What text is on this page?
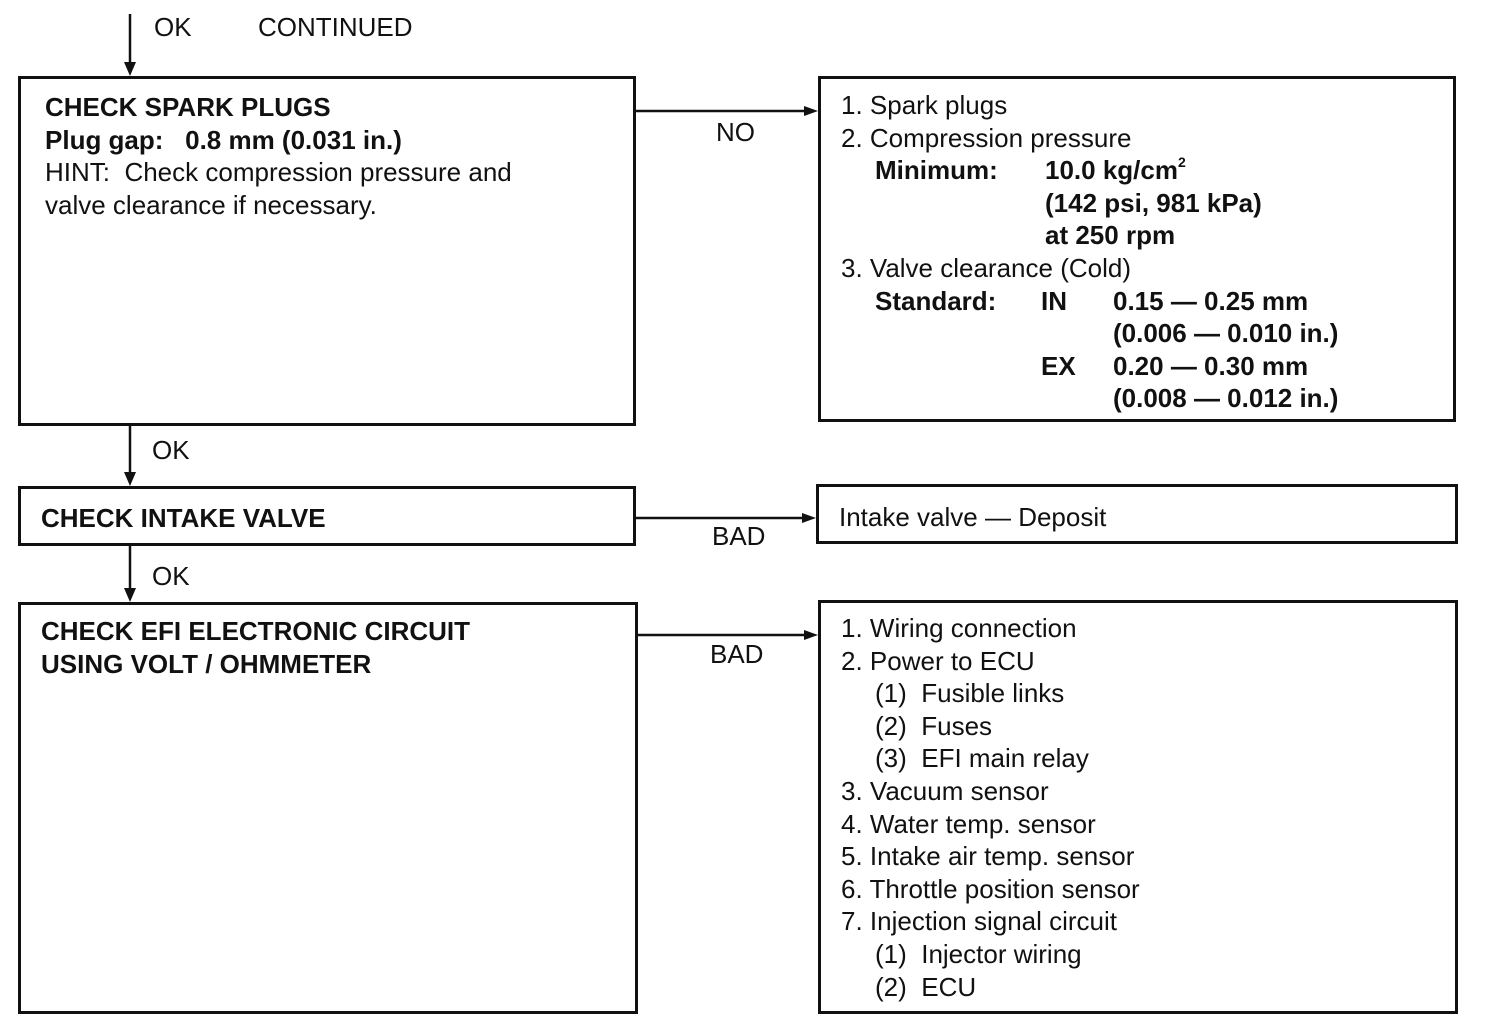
OK	CONTINUED
CHECK SPARK PLUGS
Plug gap: 0.8 mm (0.031 in.)
HINT:  Check compression pressure and
valve clearance if necessary.
NO
1. Spark plugs
2. Compression pressure
Minimum:	10.0 $kg/cm^2$
(142 psi, 981 kPa)
at 250 rpm
3. Valve clearance (Cold)
Standard:	IN	0.15 — 0.25 mm
(0.006 — 0.010 in.)
EX	0.20 — 0.30 mm
(0.008 — 0.012 in.)
OK
CHECK INTAKE VALVE
BAD
Intake valve — Deposit
OK
CHECK EFI ELECTRONIC CIRCUIT
USING VOLT / OHMMETER	BAD
1. Wiring connection
2. Power to ECU
(1)  Fusible links
(2)  Fuses
(3)  EFI main relay
3. Vacuum sensor
4. Water temp. sensor
5. Intake air temp. sensor
6. Throttle position sensor
7. Injection signal circuit
(1)  Injector wiring
(2)  ECU
